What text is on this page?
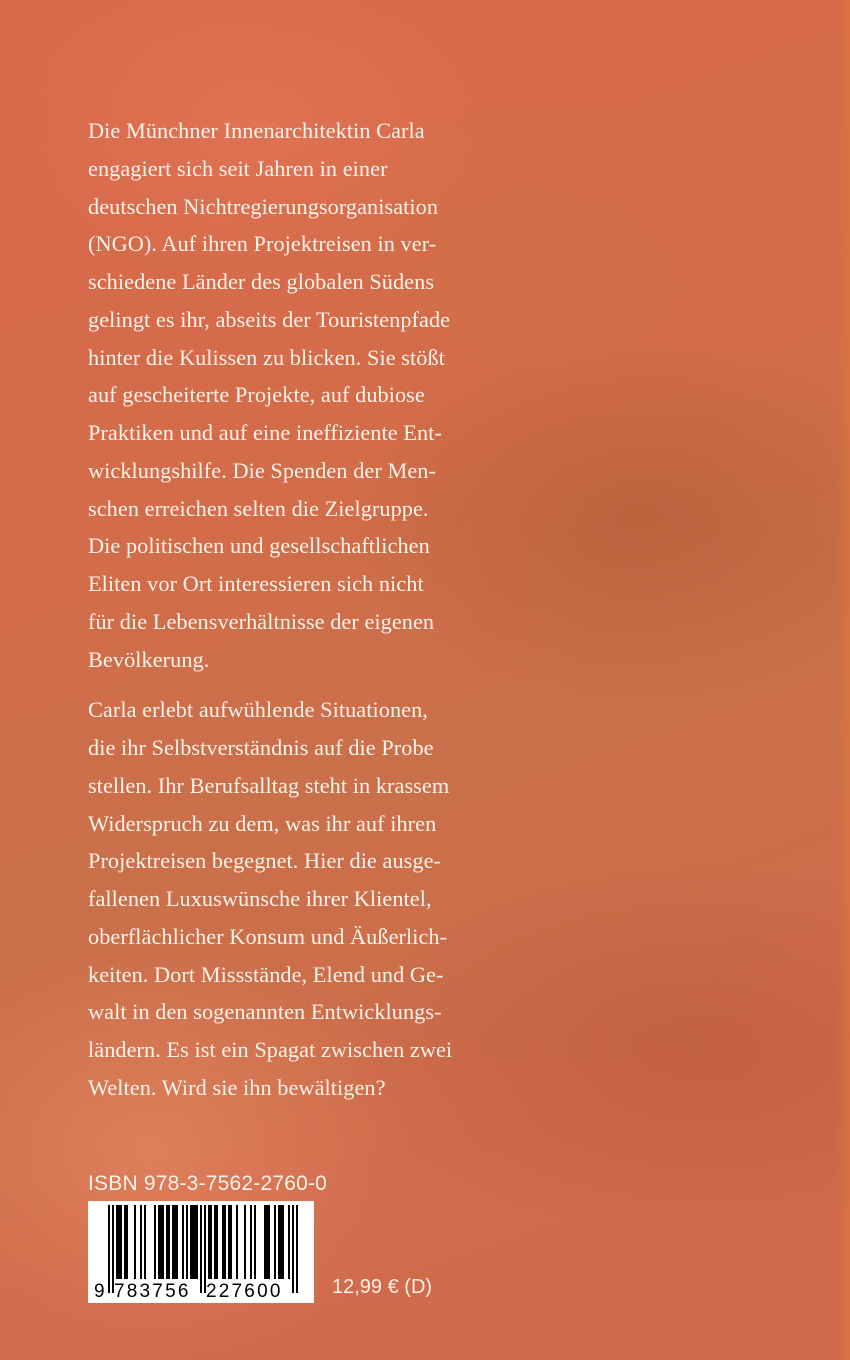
Die Münchner Innenarchitektin Carla
engagiert sich seit Jahren in einer
deutschen Nichtregierungsorganisation
(NGO). Auf ihren Projektreisen in ver-
schiedene Länder des globalen Südens
gelingt es ihr, abseits der Touristenpfade
hinter die Kulissen zu blicken. Sie stößt
auf gescheiterte Projekte, auf dubiose
Praktiken und auf eine ineffiziente Ent-
wicklungshilfe. Die Spenden der Men-
schen erreichen selten die Zielgruppe.
Die politischen und gesellschaftlichen
Eliten vor Ort interessieren sich nicht
für die Lebensverhältnisse der eigenen
Bevölkerung.

Carla erlebt aufwühlende Situationen,
die ihr Selbstverständnis auf die Probe
stellen. Ihr Berufsalltag steht in krassem
Widerspruch zu dem, was ihr auf ihren
Projektreisen begegnet. Hier die ausge-
fallenen Luxuswünsche ihrer Klientel,
oberflächlicher Konsum und Äußerlich-
keiten. Dort Missstände, Elend und Ge-
walt in den sogenannten Entwicklungs-
ländern. Es ist ein Spagat zwischen zwei
Welten. Wird sie ihn bewältigen?

ISBN 978-3-7562-2760-0
9 783756 227600 12,99 € (D)
